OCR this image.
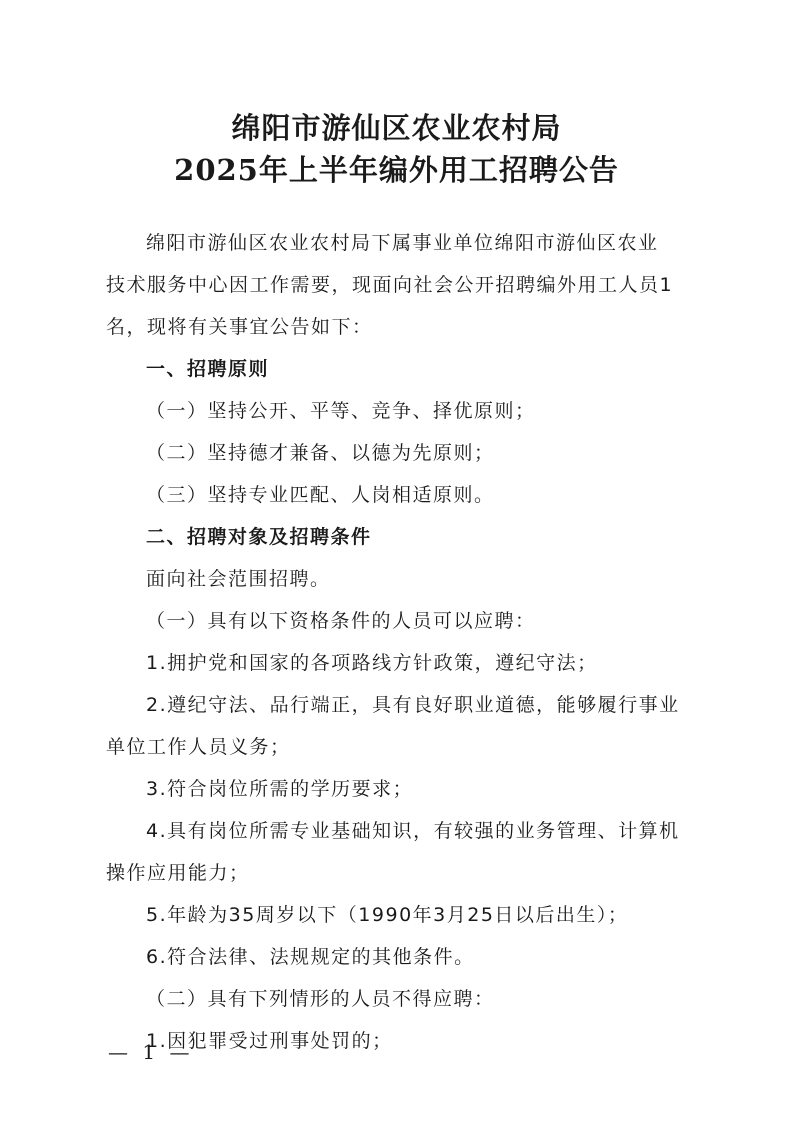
绵阳市游仙区农业农村局
2025年上半年编外用工招聘公告
绵阳市游仙区农业农村局下属事业单位绵阳市游仙区农业
技术服务中心因工作需要，现面向社会公开招聘编外用工人员1
名，现将有关事宜公告如下：
一、招聘原则
（一）坚持公开、平等、竞争、择优原则；
（二）坚持德才兼备、以德为先原则；
（三）坚持专业匹配、人岗相适原则。
二、招聘对象及招聘条件
面向社会范围招聘。
（一）具有以下资格条件的人员可以应聘：
1.拥护党和国家的各项路线方针政策，遵纪守法；
2.遵纪守法、品行端正，具有良好职业道德，能够履行事业
单位工作人员义务；
3.符合岗位所需的学历要求；
4.具有岗位所需专业基础知识，有较强的业务管理、计算机
操作应用能力；
5.年龄为35周岁以下（1990年3月25日以后出生）；
6.符合法律、法规规定的其他条件。
（二）具有下列情形的人员不得应聘：
1.因犯罪受过刑事处罚的；
— 1 —
